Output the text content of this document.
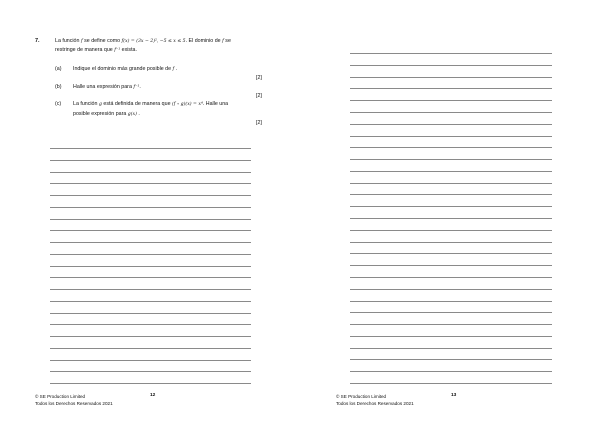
7.	La función f se define como f(x) = (3x − 2)², −5 ≤ x ≤ 5. El dominio de f se
restringe de manera que f⁻¹ exista.
(a) Indique el dominio más grande posible de f .
[2]
(b) Halle una expresión para f⁻¹.
[2]
(c) La función g está definida de manera que (f ∘ g)(x) = x⁴. Halle una
posible expresión para g(x) .
[2]
© SE Production Limited
Todos los Derechos Reservados 2021
12	© SE Production Limited
Todos los Derechos Reservados 2021
13
